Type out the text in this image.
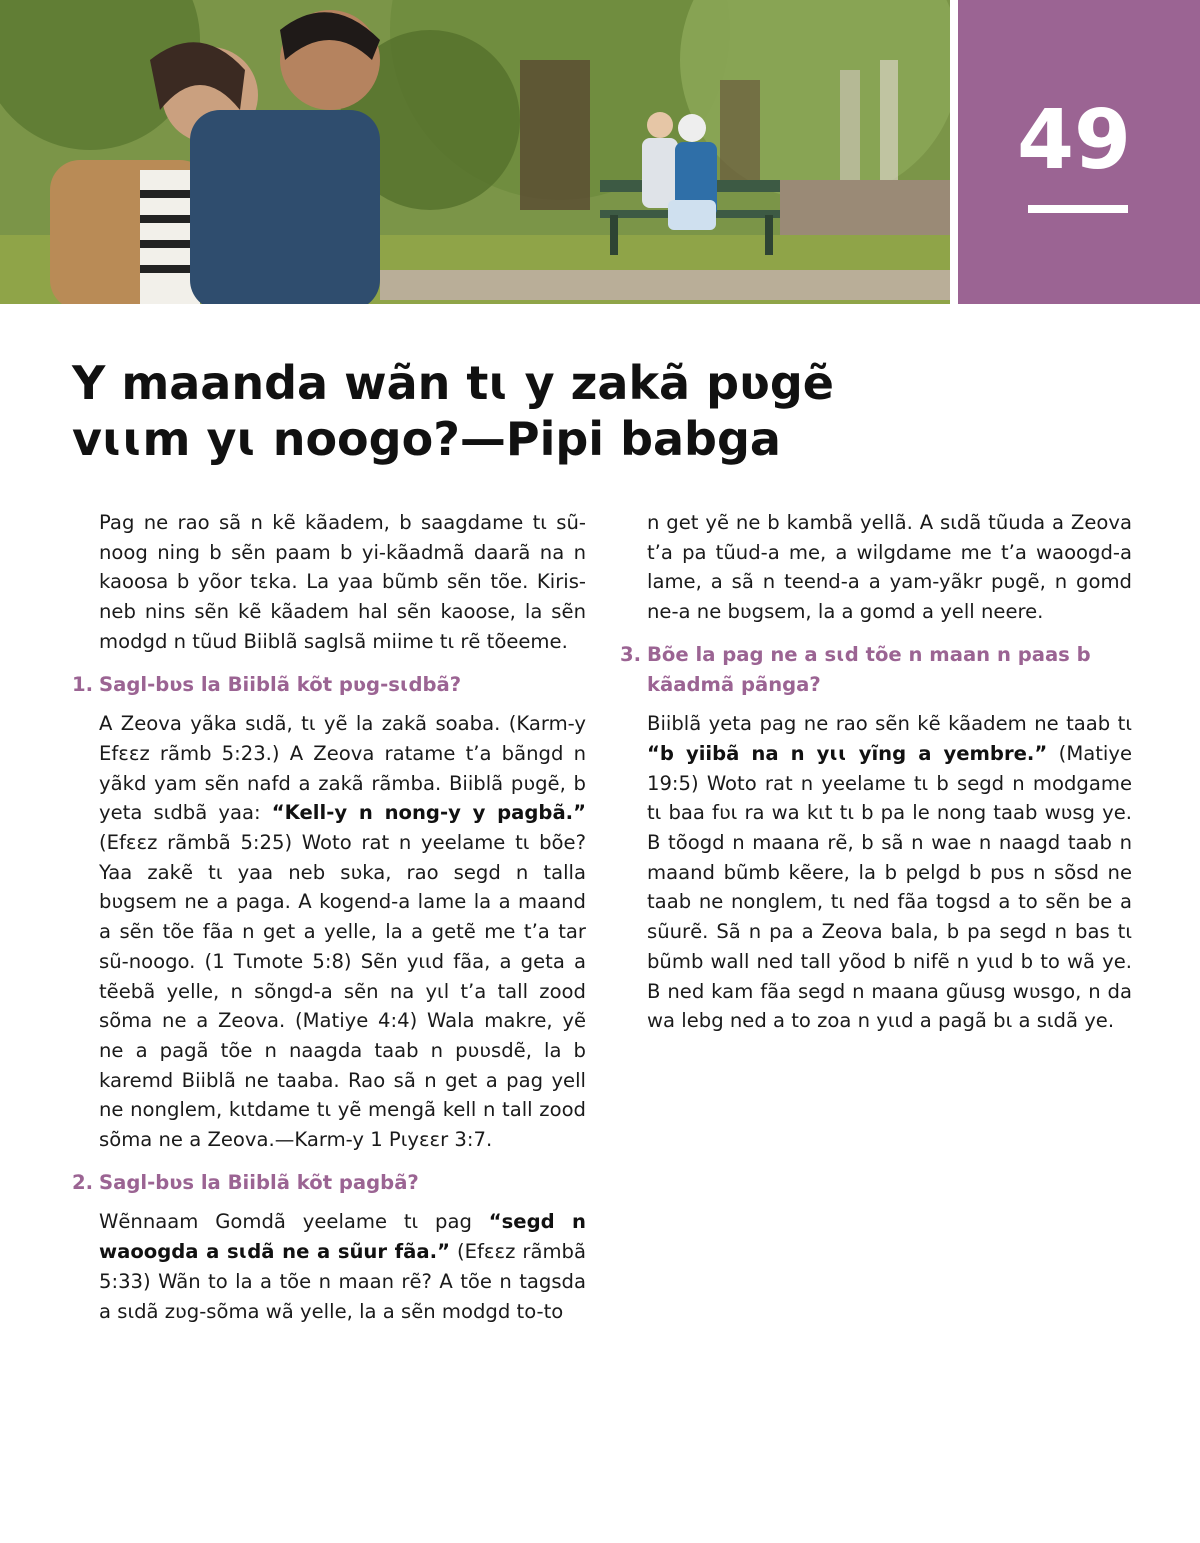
49
Y maanda wãn tɩ y zakã pʋgẽ
vɩɩm yɩ noogo?—Pipi babga

Pag ne rao sã n kẽ kãadem, b saagdame tɩ sũ-noog ning b sẽn paam b yi-kãadmã daarã na n kaoosa b yõor tɛka. La yaa bũmb sẽn tõe. Kiris-neb nins sẽn kẽ kãadem hal sẽn kaoose, la sẽn modgd n tũud Biiblã saglsã miime tɩ rẽ tõeeme.

1. Sagl-bʋs la Biiblã kõt pʋg-sɩdbã?

A Zeova yãka sɩdã, tɩ yẽ la zakã soaba. (Karm-y Efɛɛz rãmb 5:23.) A Zeova ratame t’a bãngd n yãkd yam sẽn nafd a zakã rãmba. Biiblã pʋgẽ, b yeta sɩdbã yaa: “Kell-y n nong-y y pagbã.” (Efɛɛz rãmbã 5:25) Woto rat n yeelame tɩ bõe? Yaa zakẽ tɩ yaa neb sʋka, rao segd n talla bʋgsem ne a paga. A kogend-a lame la a maand a sẽn tõe fãa n get a yelle, la a getẽ me t’a tar sũ-noogo. (1 Tɩmote 5:8) Sẽn yɩɩd fãa, a geta a tẽebã yelle, n sõngd-a sẽn na yɩl t’a tall zood sõma ne a Zeova. (Matiye 4:4) Wala makre, yẽ ne a pagã tõe n naagda taab n pʋʋsdẽ, la b karemd Biiblã ne taaba. Rao sã n get a pag yell ne nonglem, kɩtdame tɩ yẽ mengã kell n tall zood sõma ne a Zeova.—Karm-y 1 Pɩyɛɛr 3:7.

2. Sagl-bʋs la Biiblã kõt pagbã?

Wẽnnaam Gomdã yeelame tɩ pag “segd n waoogda a sɩdã ne a sũur fãa.” (Efɛɛz rãmbã 5:33) Wãn to la a tõe n maan rẽ? A tõe n tagsda a sɩdã zʋg-sõma wã yelle, la a sẽn modgd to-to

n get yẽ ne b kambã yellã. A sɩdã tũuda a Zeova t’a pa tũud-a me, a wilgdame me t’a waoogd-a lame, a sã n teend-a a yam-yãkr pʋgẽ, n gomd ne-a ne bʋgsem, la a gomd a yell neere.

3. Bõe la pag ne a sɩd tõe n maan n paas b kãadmã pãnga?

Biiblã yeta pag ne rao sẽn kẽ kãadem ne taab tɩ “b yiibã na n yɩɩ yĩng a yembre.” (Matiye 19:5) Woto rat n yeelame tɩ b segd n modgame tɩ baa fʋɩ ra wa kɩt tɩ b pa le nong taab wʋsg ye. B tõogd n maana rẽ, b sã n wae n naagd taab n maand bũmb kẽere, la b pelgd b pʋs n sõsd ne taab ne nonglem, tɩ ned fãa togsd a to sẽn be a sũurẽ. Sã n pa a Zeova bala, b pa segd n bas tɩ bũmb wall ned tall yõod b nifẽ n yɩɩd b to wã ye. B ned kam fãa segd n maana gũusg wʋsgo, n da wa lebg ned a to zoa n yɩɩd a pagã bɩ a sɩdã ye.
